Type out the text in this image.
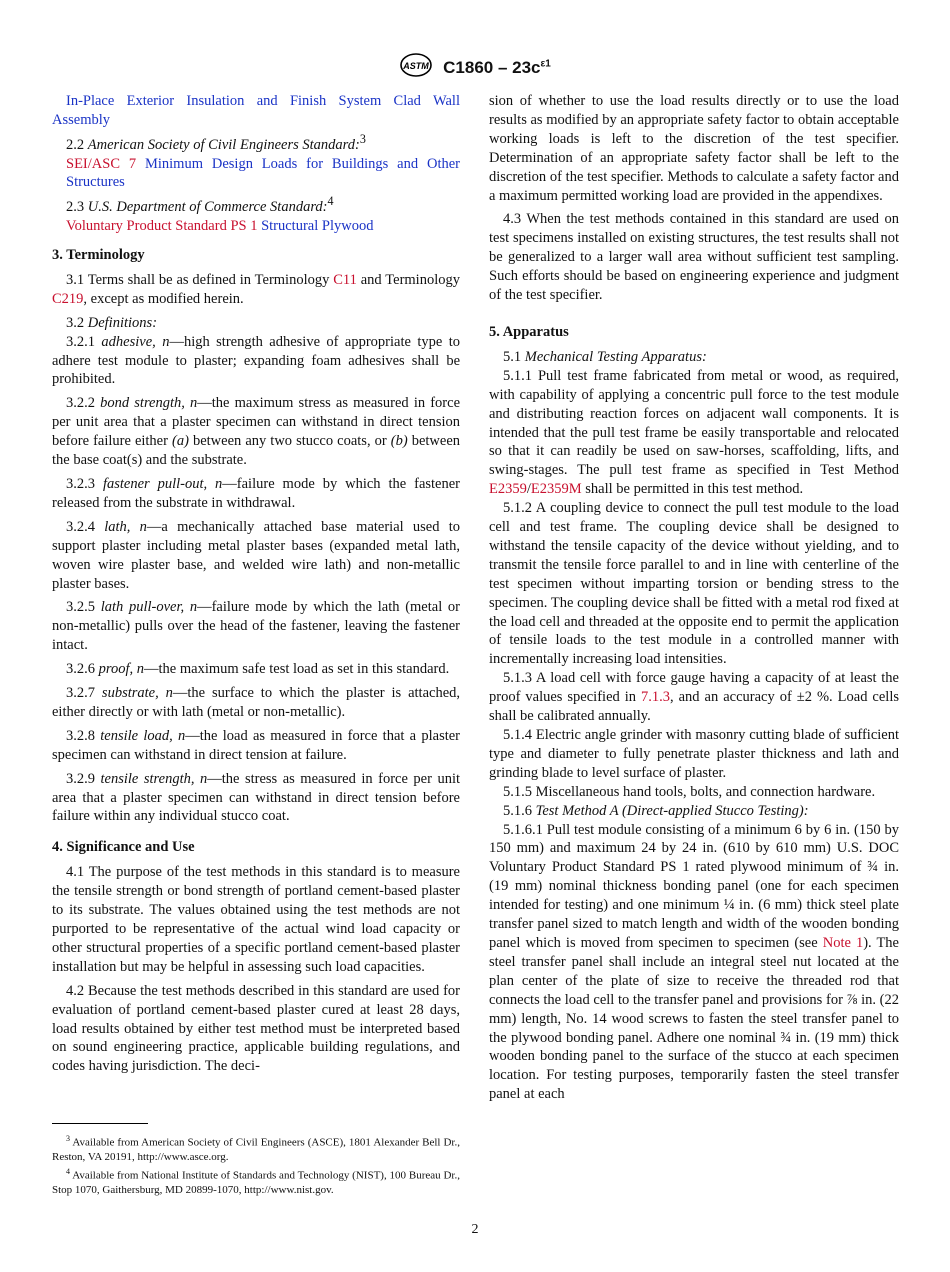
ASTM $C1860 - 23c^{\varepsilon 1}$

In-Place Exterior Insulation and Finish System Clad Wall Assembly

2.2 American Society of Civil Engineers Standard:$^3$

SEI/ASC 7 Minimum Design Loads for Buildings and Other Structures

2.3 U.S. Department of Commerce Standard:$^4$

Voluntary Product Standard PS 1 Structural Plywood

3. Terminology

3.1 Terms shall be as defined in Terminology C11 and Terminology C219, except as modified herein.

3.2 Definitions:

3.2.1 adhesive, n—high strength adhesive of appropriate type to adhere test module to plaster; expanding foam adhesives shall be prohibited.

3.2.2 bond strength, n—the maximum stress as measured in force per unit area that a plaster specimen can withstand in direct tension before failure either (a) between any two stucco coats, or (b) between the base coat(s) and the substrate.

3.2.3 fastener pull-out, n—failure mode by which the fastener released from the substrate in withdrawal.

3.2.4 lath, n—a mechanically attached base material used to support plaster including metal plaster bases (expanded metal lath, woven wire plaster base, and welded wire lath) and non-metallic plaster bases.

3.2.5 lath pull-over, n—failure mode by which the lath (metal or non-metallic) pulls over the head of the fastener, leaving the fastener intact.

3.2.6 proof, n—the maximum safe test load as set in this standard.

3.2.7 substrate, n—the surface to which the plaster is attached, either directly or with lath (metal or non-metallic).

3.2.8 tensile load, n—the load as measured in force that a plaster specimen can withstand in direct tension at failure.

3.2.9 tensile strength, n—the stress as measured in force per unit area that a plaster specimen can withstand in direct tension before failure within any individual stucco coat.

4. Significance and Use

4.1 The purpose of the test methods in this standard is to measure the tensile strength or bond strength of portland cement-based plaster to its substrate. The values obtained using the test methods are not purported to be representative of the actual wind load capacity or other structural properties of a specific portland cement-based plaster installation but may be helpful in assessing such load capacities.

4.2 Because the test methods described in this standard are used for evaluation of portland cement-based plaster cured at least 28 days, load results obtained by either test method must be interpreted based on sound engineering practice, applicable building regulations, and codes having jurisdiction. The deci-

sion of whether to use the load results directly or to use the load results as modified by an appropriate safety factor to obtain acceptable working loads is left to the discretion of the test specifier. Determination of an appropriate safety factor shall be left to the discretion of the test specifier. Methods to calculate a safety factor and a maximum permitted working load are provided in the appendixes.

4.3 When the test methods contained in this standard are used on test specimens installed on existing structures, the test results shall not be generalized to a larger wall area without sufficient test sampling. Such efforts should be based on engineering experience and judgment of the test specifier.

5. Apparatus

5.1 Mechanical Testing Apparatus:

5.1.1 Pull test frame fabricated from metal or wood, as required, with capability of applying a concentric pull force to the test module and distributing reaction forces on adjacent wall components. It is intended that the pull test frame be easily transportable and relocated so that it can readily be used on saw-horses, scaffolding, lifts, and swing-stages. The pull test frame as specified in Test Method E2359/E2359M shall be permitted in this test method.

5.1.2 A coupling device to connect the pull test module to the load cell and test frame. The coupling device shall be designed to withstand the tensile capacity of the device without yielding, and to transmit the tensile force parallel to and in line with centerline of the test specimen without imparting torsion or bending stress to the specimen. The coupling device shall be fitted with a metal rod fixed at the load cell and threaded at the opposite end to permit the application of tensile loads to the test module in a controlled manner with incrementally increasing load intensities.

5.1.3 A load cell with force gauge having a capacity of at least the proof values specified in 7.1.3, and an accuracy of ±2 %. Load cells shall be calibrated annually.

5.1.4 Electric angle grinder with masonry cutting blade of sufficient type and diameter to fully penetrate plaster thickness and lath and grinding blade to level surface of plaster.

5.1.5 Miscellaneous hand tools, bolts, and connection hardware.

5.1.6 Test Method A (Direct-applied Stucco Testing):

5.1.6.1 Pull test module consisting of a minimum 6 by 6 in. (150 by 150 mm) and maximum 24 by 24 in. (610 by 610 mm) U.S. DOC Voluntary Product Standard PS 1 rated plywood minimum of ¾ in. (19 mm) nominal thickness bonding panel (one for each specimen intended for testing) and one minimum ¼ in. (6 mm) thick steel plate transfer panel sized to match length and width of the wooden bonding panel which is moved from specimen to specimen (see Note 1). The steel transfer panel shall include an integral steel nut located at the plan center of the plate of size to receive the threaded rod that connects the load cell to the transfer panel and provisions for ⅞ in. (22 mm) length, No. 14 wood screws to fasten the steel transfer panel to the plywood bonding panel. Adhere one nominal ¾ in. (19 mm) thick wooden bonding panel to the surface of the stucco at each specimen location. For testing purposes, temporarily fasten the steel transfer panel at each

$^3$ Available from American Society of Civil Engineers (ASCE), 1801 Alexander Bell Dr., Reston, VA 20191, http://www.asce.org.

$^4$ Available from National Institute of Standards and Technology (NIST), 100 Bureau Dr., Stop 1070, Gaithersburg, MD 20899-1070, http://www.nist.gov.

2
